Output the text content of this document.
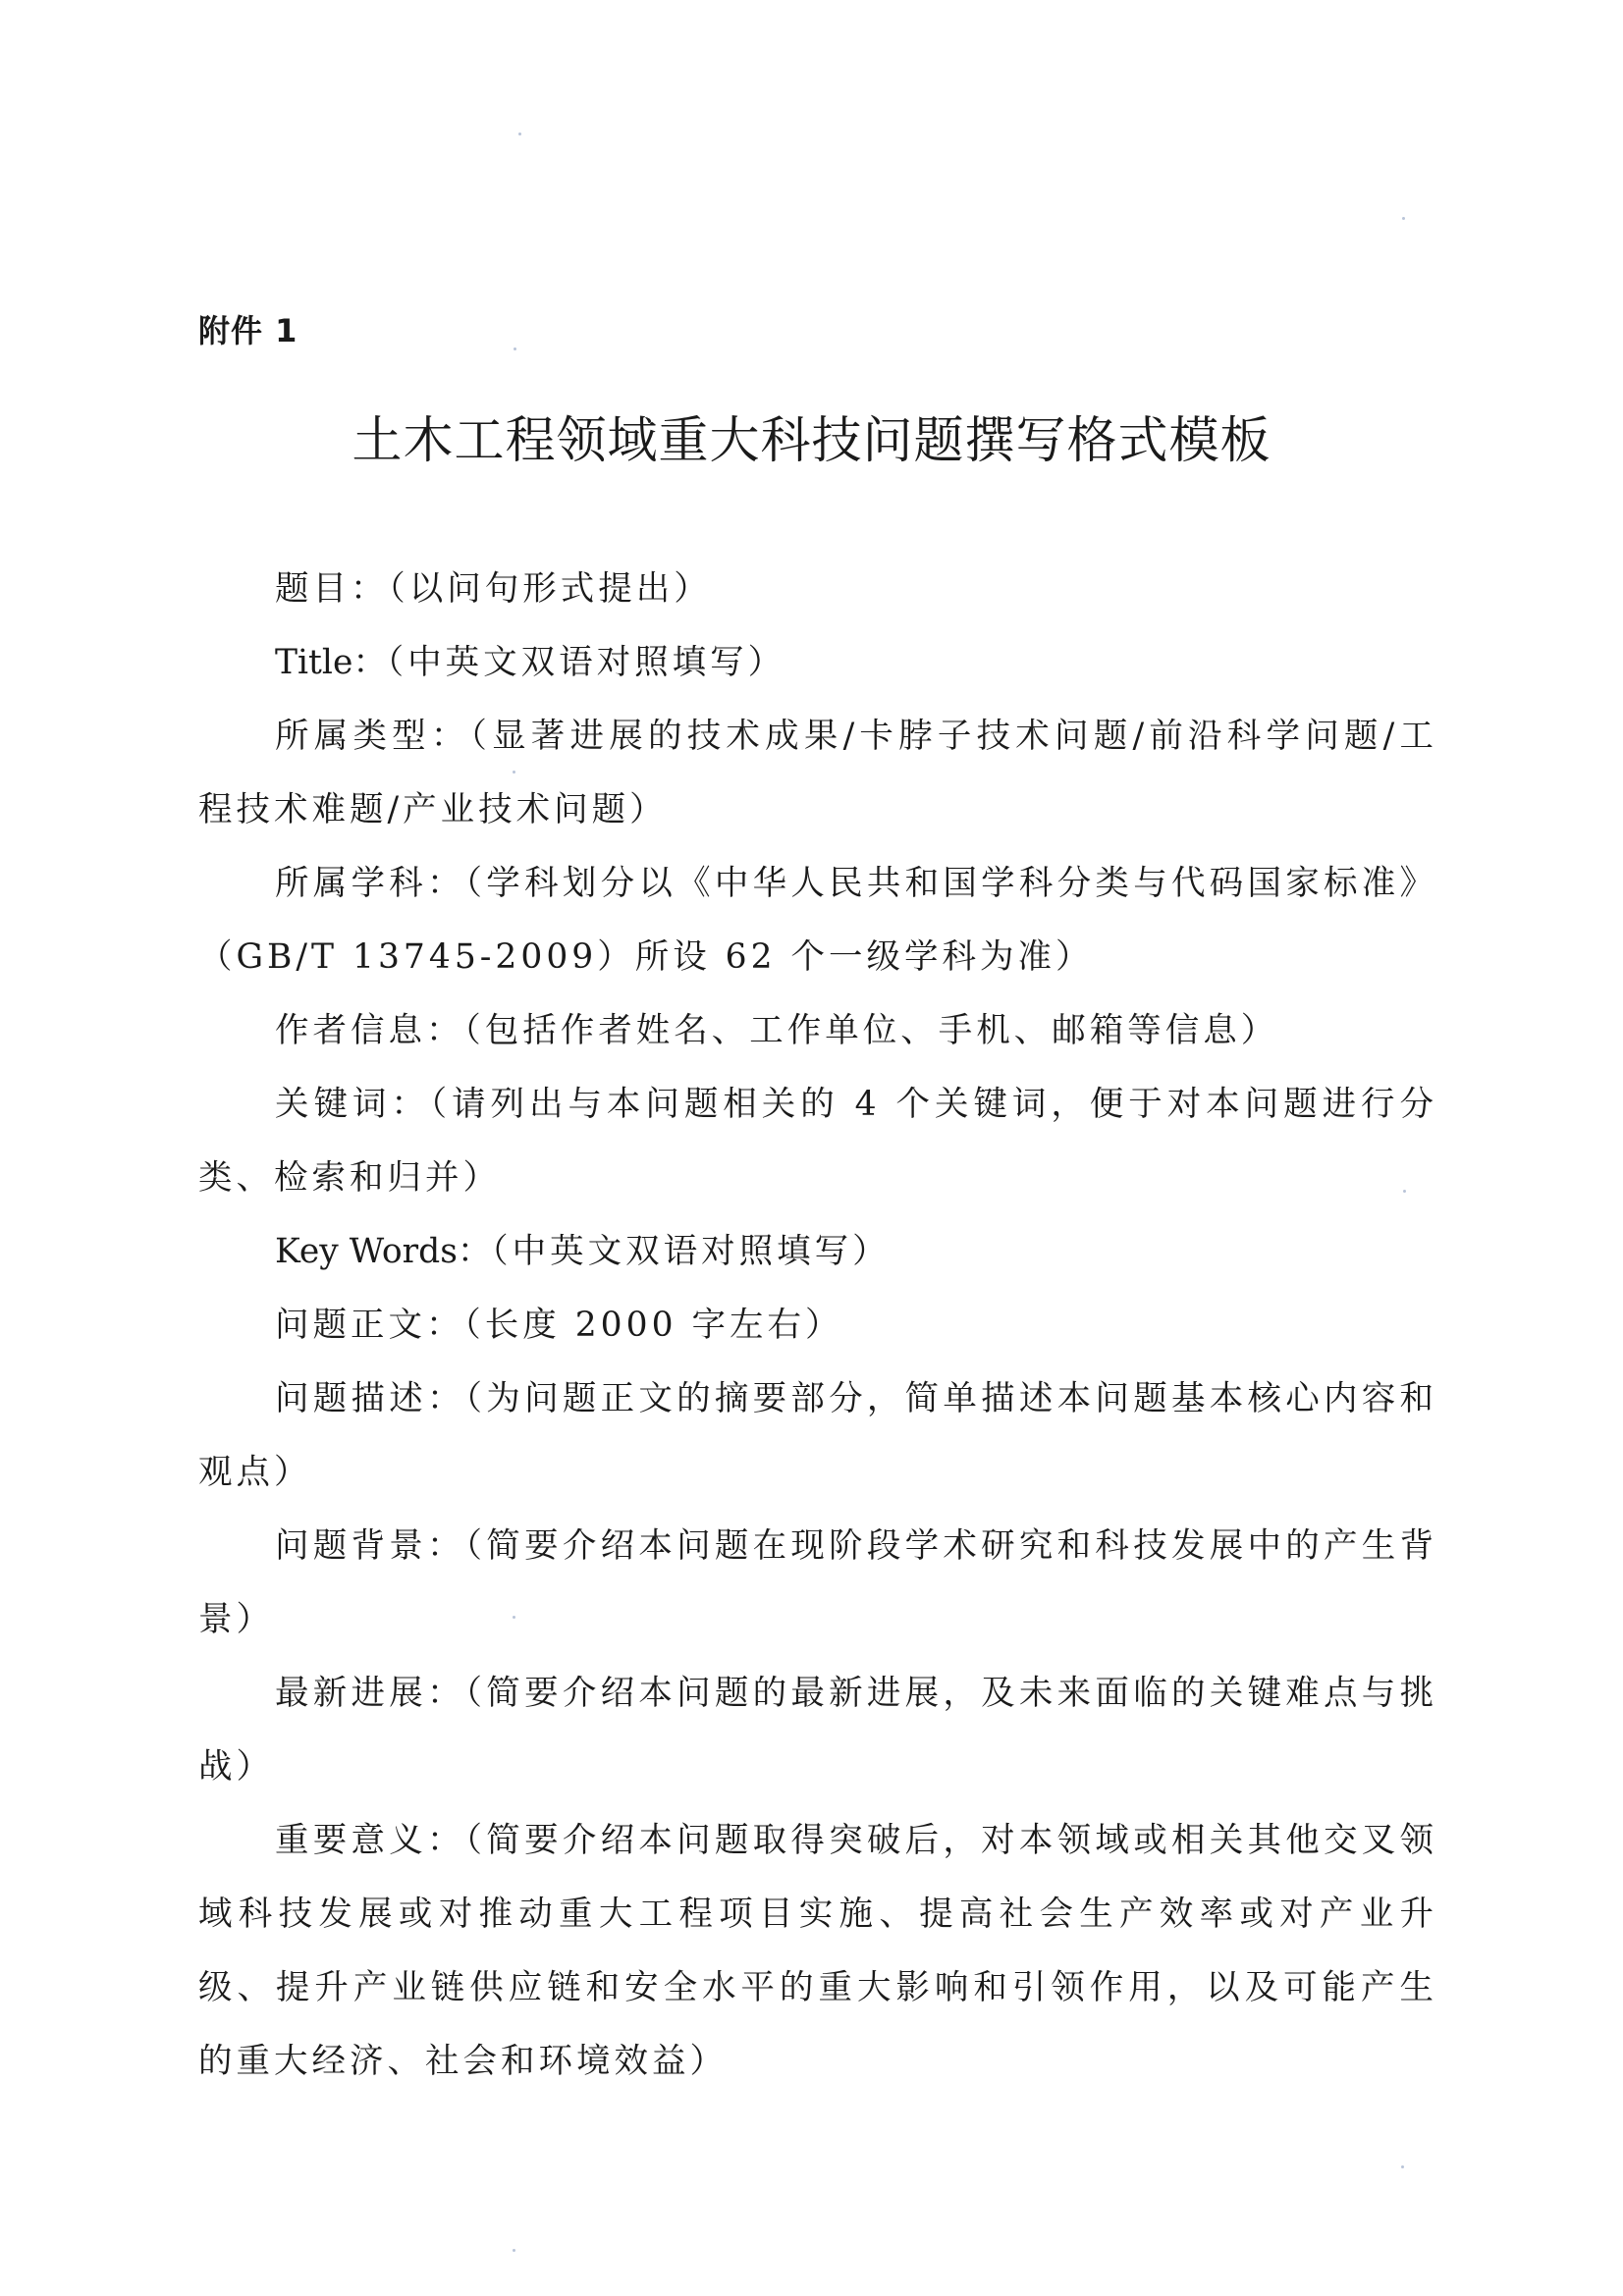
附件 1
土木工程领域重大科技问题撰写格式模板

题目：（以问句形式提出）

Title：（中英文双语对照填写）

所属类型：（显著进展的技术成果/卡脖子技术问题/前沿科学问题/工程技术难题/产业技术问题）

所属学科：（学科划分以《中华人民共和国学科分类与代码国家标准》（GB/T 13745-2009）所设 62 个一级学科为准）

作者信息：（包括作者姓名、工作单位、手机、邮箱等信息）

关键词：（请列出与本问题相关的 4 个关键词，便于对本问题进行分类、检索和归并）

Key Words：（中英文双语对照填写）

问题正文：（长度 2000 字左右）

问题描述：（为问题正文的摘要部分，简单描述本问题基本核心内容和观点）

问题背景：（简要介绍本问题在现阶段学术研究和科技发展中的产生背景）

最新进展：（简要介绍本问题的最新进展，及未来面临的关键难点与挑战）

重要意义：（简要介绍本问题取得突破后，对本领域或相关其他交叉领域科技发展或对推动重大工程项目实施、提高社会生产效率或对产业升级、提升产业链供应链和安全水平的重大影响和引领作用，以及可能产生的重大经济、社会和环境效益）
